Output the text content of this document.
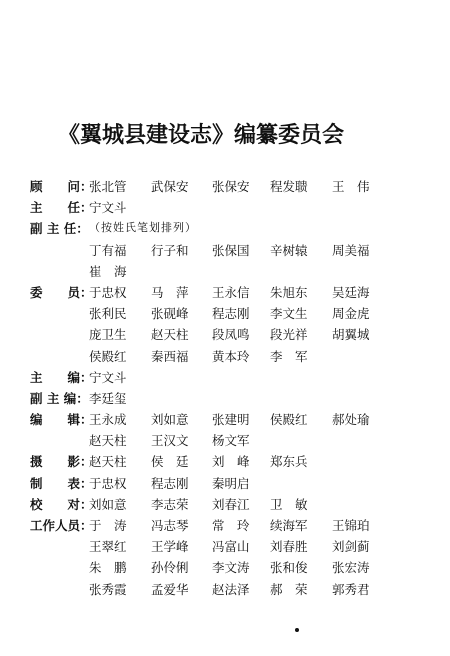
《翼城县建设志》编纂委员会
顾　　问：
张北管 武保安 张保安 程发聩 王　伟
主　　任：
宁文斗
副 主 任： （按姓氏笔划排列）
丁有福 行子和 张保国 辛树辕 周美福
崔　海
委　　员：
于忠权 马　萍 王永信 朱旭东 吴廷海
张利民 张砚峰 程志刚 李文生 周金虎
庞卫生 赵天柱 段凤鸣 段光祥 胡翼城
侯殿红 秦西福 黄本玲 李　军
主　　编：
宁文斗
副 主 编： 李廷玺
编　　辑：
王永成 刘如意 张建明 侯殿红 郝处瑜
赵天柱 王汉文 杨文军
摄　　影：
赵天柱 侯　廷 刘　峰 郑东兵
制　　表：
于忠权 程志刚 秦明启
校　　对：
刘如意 李志荣 刘春江 卫　敏
工作人员：
于　涛 冯志琴 常　玲 续海军 王锦珀
王翠红 王学峰 冯富山 刘春胜 刘剑蓟
朱　鹏 孙伶俐 李文涛 张和俊 张宏涛
张秀霞 孟爱华 赵法泽 郝　荣 郭秀君
